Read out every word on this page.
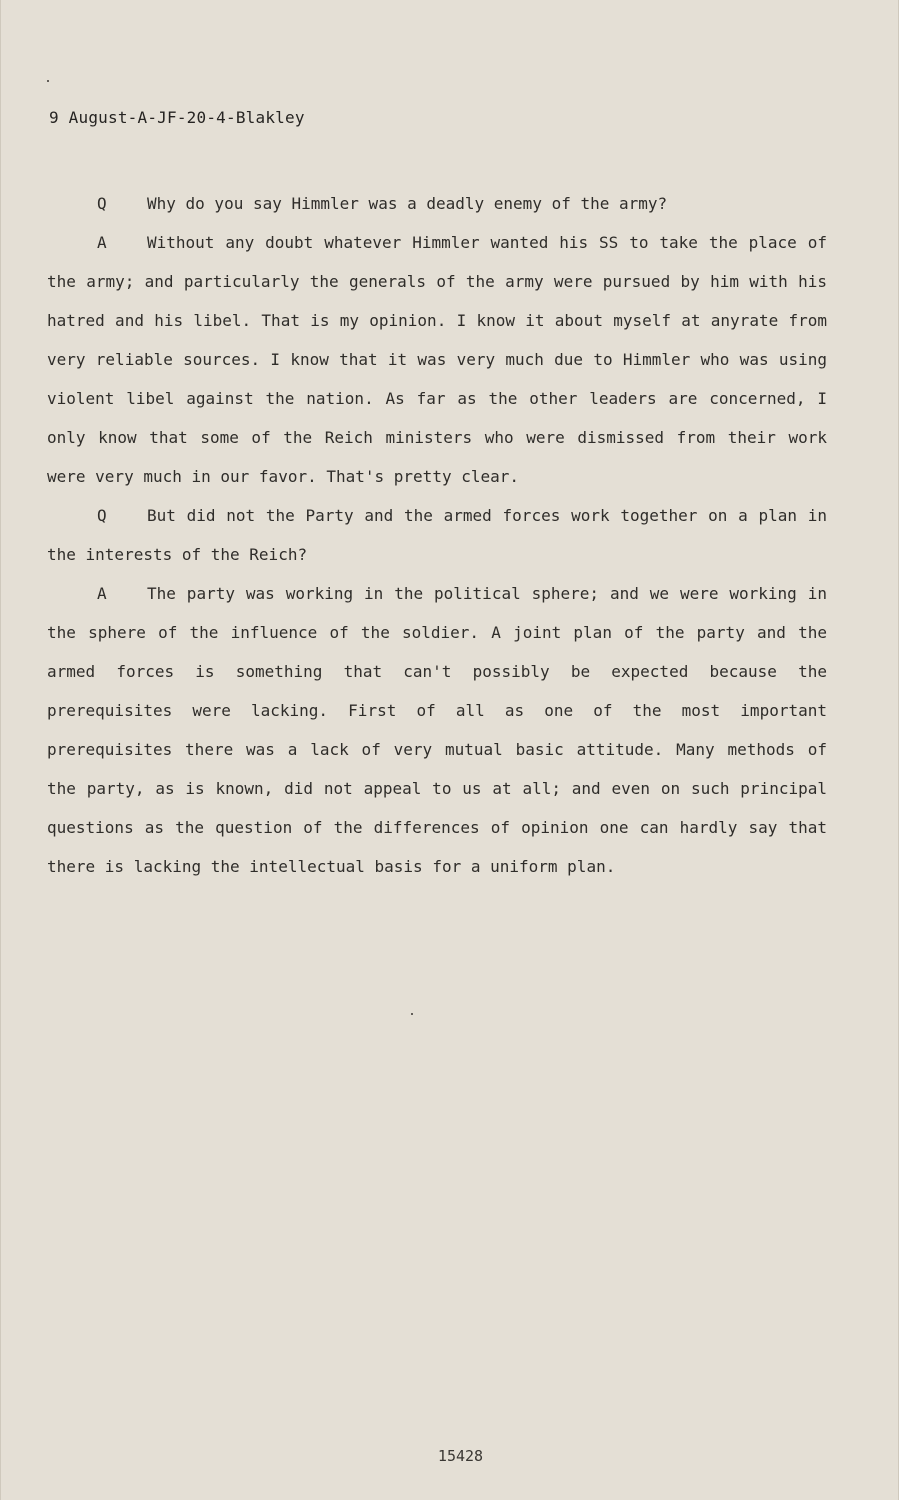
9 August-A-JF-20-4-Blakley

Q	Why do you say Himmler was a deadly enemy of the army?

A	Without any doubt whatever Himmler wanted his SS to take the place of the army; and particularly the generals of the army were pursued by him with his hatred and his libel. That is my opinion. I know it about myself at anyrate from very reliable sources. I know that it was very much due to Himmler who was using violent libel against the nation. As far as the other leaders are concerned, I only know that some of the Reich ministers who were dismissed from their work were very much in our favor. That's pretty clear.

Q	But did not the Party and the armed forces work together on a plan in the interests of the Reich?

A	The party was working in the political sphere; and we were working in the sphere of the influence of the soldier. A joint plan of the party and the armed forces is something that can't possibly be expected because the prerequisites were lacking. First of all as one of the most important prerequisites there was a lack of very mutual basic attitude. Many methods of the party, as is known, did not appeal to us at all; and even on such principal questions as the question of the differences of opinion one can hardly say that there is lacking the intellectual basis for a uniform plan.

15428
